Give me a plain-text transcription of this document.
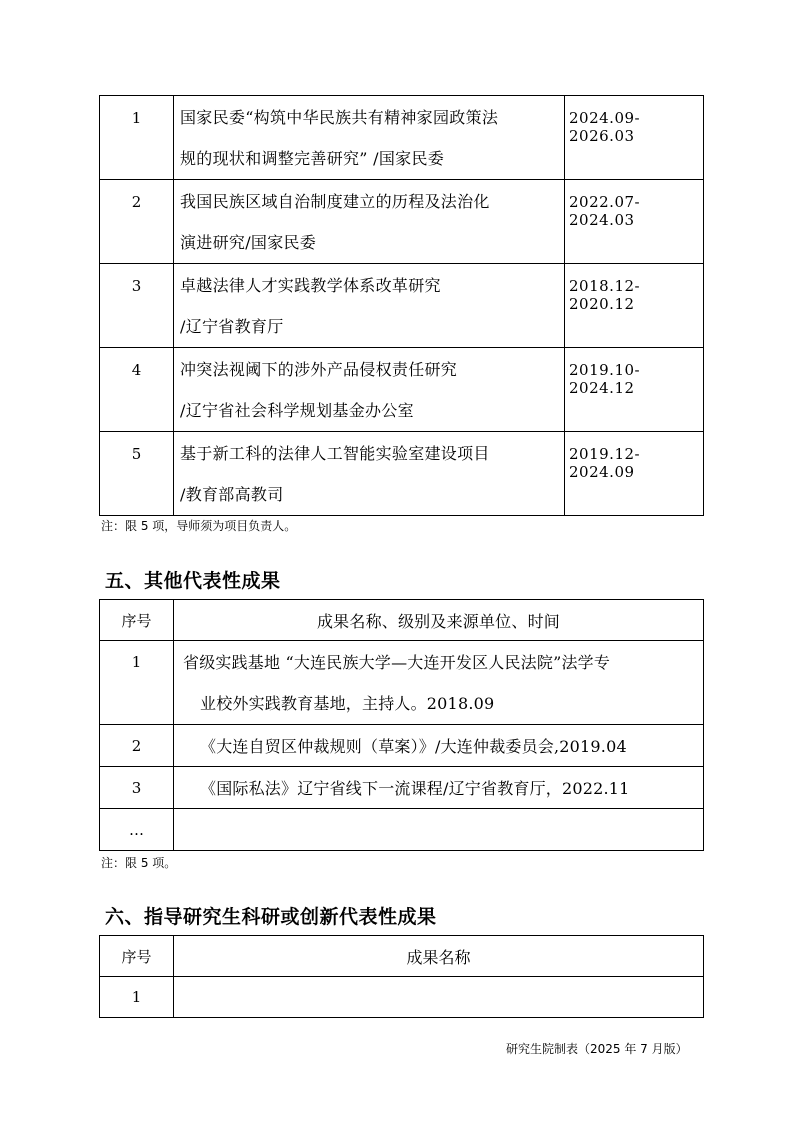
1	国家民委“构筑中华民族共有精神家园政策法
规的现状和调整完善研究” /国家民委	2024.09-2026.03
2	我国民族区域自治制度建立的历程及法治化
演进研究/国家民委	2022.07-2024.03
3	卓越法律人才实践教学体系改革研究
/辽宁省教育厅	2018.12-2020.12
4	冲突法视阈下的涉外产品侵权责任研究
/辽宁省社会科学规划基金办公室	2019.10-2024.12
5	基于新工科的法律人工智能实验室建设项目
/教育部高教司	2019.12-2024.09
注：限 5 项，导师须为项目负责人。
五、其他代表性成果
序号	成果名称、级别及来源单位、时间
1	省级实践基地 “大连民族大学—大连开发区人民法院”法学专
业校外实践教育基地，主持人。2018.09

2	《大连自贸区仲裁规则（草案）》/大连仲裁委员会,2019.04
3	《国际私法》辽宁省线下一流课程/辽宁省教育厅，2022.11
…	
注：限 5 项。
六、指导研究生科研或创新代表性成果
序号	成果名称
1	
研究生院制表（2025 年 7 月版）
